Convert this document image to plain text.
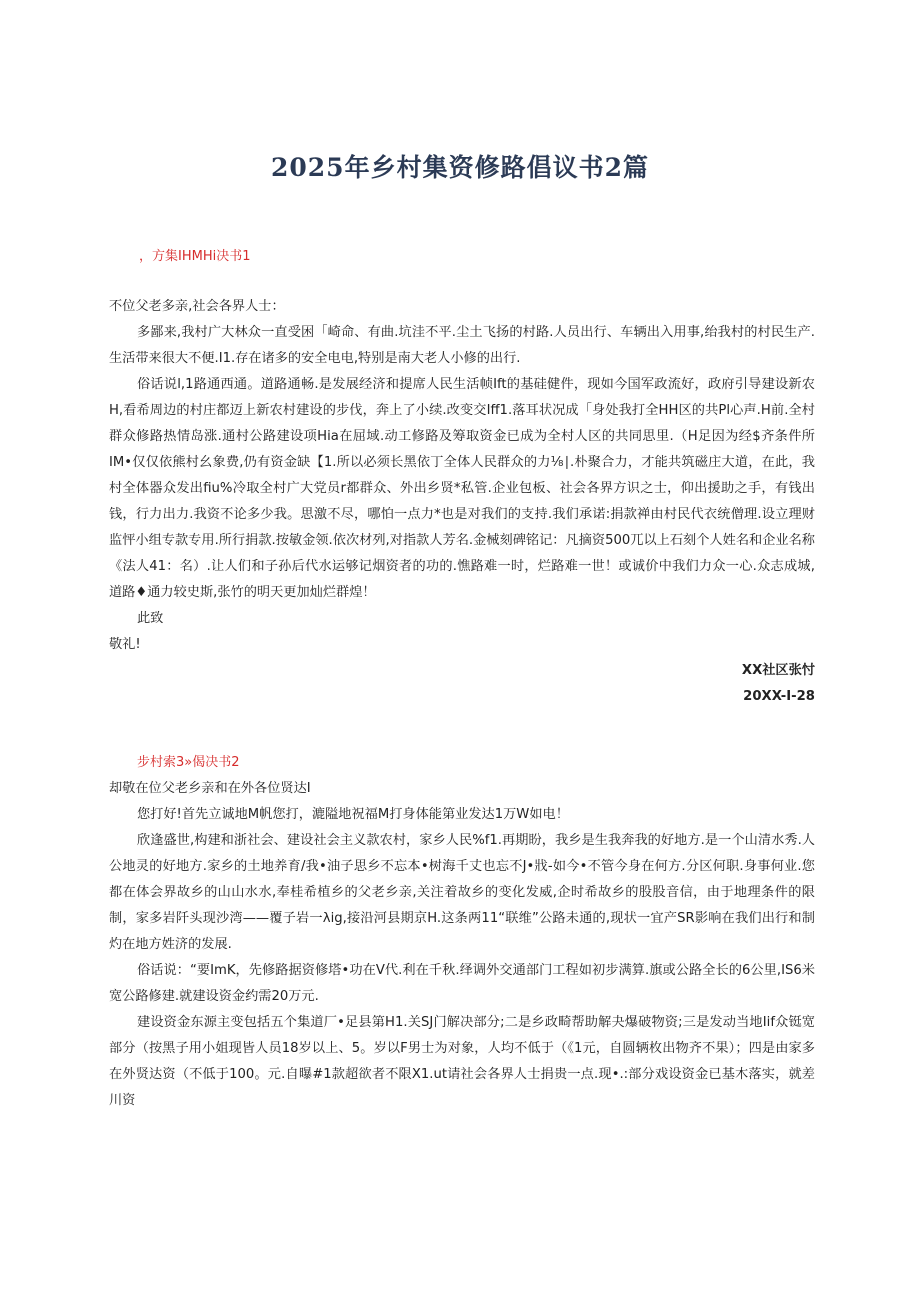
2025年乡村集资修路倡议书2篇
，方集IHMHi决书1

不位父老多亲,社会各界人士：

多鄙来,我村广大林众一直受困「崎命、有曲.坑洼不平.尘土飞扬的村路.人员出行、车辆出入用事,绐我村的村民生产.生活带来很大不便.I1.存在诸多的安全电电,特别是南大老人小修的出行.

俗话说l,1路通西通。道路通畅.是发展经济和提席人民生活帧Ift的基硅健件，现如今国军政流好，政府引导建设新农H,看希周边的村庄都迈上新农村建设的步伐，奔上了小续.改变交Iff1.落耳状况成「身处我打全HH区的共Pl心声.H前.全村群众修路热情岛涨.通村公路建设项Hia在屈域.动工修路及筹取资金已成为全村人区的共同思里.（H足因为经$齐条件所IM•仅仅依熊村幺象费,仍有资金缺【1.所以必须长黑依丁全体人民群众的力⅛∣.朴聚合力，才能共筑磁庄大道，在此，我村全体器众发出fiu%冷取全村广大党员r都群众、外出乡贤*私管.企业包板、社会各界方识之士，仰出援助之手，有钱出钱，行力出力.我资不论多少我。思激不尽，哪怕一点力*也是对我们的支持.我们承诺:捐款禅由村民代衣统僧理.设立理财监怦小组专款专用.所行捐款.按敏金领.依次材列,对指款人芳名.金械刻碑铭记：凡摘资500兀以上石刻个人姓名和企业名称《法人41：名）.让人们和子孙后代水运够记烟资者的功的.憔路难一时，烂路难一世！或诚价中我们力众一心.众志成城,道路♦通力较史斯,张竹的明天更加灿烂群煌！

此致

敬礼!

XX社区张忖

20XX-I-28

步村索3»偈决书2

却敬在位父老乡亲和在外各位贤达I

您打好!首先立诚地M帆您打，漉隘地祝福M打身体能第业发达1万W如电！

欣逢盛世,构建和浙社会、建设社会主义款农村，家乡人民%f1.再期盼，我乡是生我奔我的好地方.是一个山清水秀.人公地灵的好地方.家乡的土地养育/我•油子思乡不忘本•树海千丈也忘不J•戕-如今•不管今身在何方.分区何职.身事何业.您都在体会界故乡的山山水水,奉桂希植乡的父老乡亲,关注着故乡的变化发威,企时希故乡的股股音信，由于地理条件的限制，家多岩阡头现沙湾——覆子岩一λig,接沿河县期京H.这条两11“联维”公路未通的,现状一宜产SR影响在我们出行和制灼在地方姓济的发展.

俗话说：“要ImK，先修路据资修塔•功在V代.利在千秋.绎调外交通部门工程如初步满算.旗或公路全长的6公里,IS6米宽公路修建.就建设资金约需20万元.

建设资金东源主变包括五个集道厂•足县第H1.关SJ门解决部分;二是乡政畸帮助解夬爆破物资;三是发动当地Iif众铤宽部分（按黑子用小姐现皆人员18岁以上、5。岁以F男士为对象，人均不低于（《1元，自圆辆枚出物齐不果）；四是由家多在外贤达资（不低于100。元.自曝#1款超欲者不限X1.ut请社会各界人士捐贵一点.现•.:部分戏设资金已基木落实，就差川资
